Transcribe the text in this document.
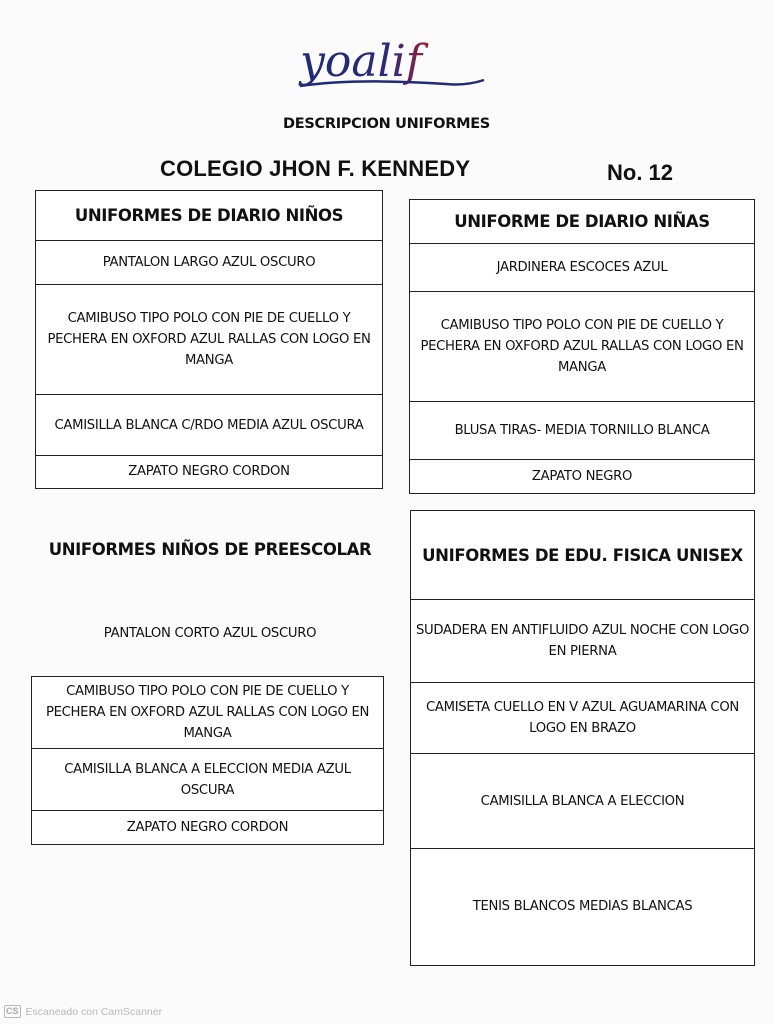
yoalif
DESCRIPCION UNIFORMES
COLEGIO JHON F. KENNEDY	No. 12
UNIFORMES DE DIARIO NIÑOS
PANTALON LARGO AZUL OSCURO
CAMIBUSO TIPO POLO CON PIE DE CUELLO Y PECHERA EN OXFORD AZUL RALLAS CON LOGO EN MANGA
CAMISILLA BLANCA C/RDO MEDIA AZUL OSCURA
ZAPATO NEGRO CORDON
UNIFORME DE DIARIO NIÑAS
JARDINERA ESCOCES AZUL
CAMIBUSO TIPO POLO CON PIE DE CUELLO Y PECHERA EN OXFORD AZUL RALLAS CON LOGO EN MANGA
BLUSA TIRAS- MEDIA TORNILLO BLANCA
ZAPATO NEGRO
UNIFORMES NIÑOS DE PREESCOLAR
PANTALON CORTO AZUL OSCURO
CAMIBUSO TIPO POLO CON PIE DE CUELLO Y PECHERA EN OXFORD AZUL RALLAS CON LOGO EN MANGA
CAMISILLA BLANCA A ELECCION MEDIA AZUL OSCURA
ZAPATO NEGRO CORDON
UNIFORMES DE EDU. FISICA UNISEX
SUDADERA EN ANTIFLUIDO AZUL NOCHE CON LOGO EN PIERNA
CAMISETA CUELLO EN V AZUL AGUAMARINA CON LOGO EN BRAZO
CAMISILLA BLANCA A ELECCION
TENIS BLANCOS MEDIAS BLANCAS
CS Escaneado con CamScanner
